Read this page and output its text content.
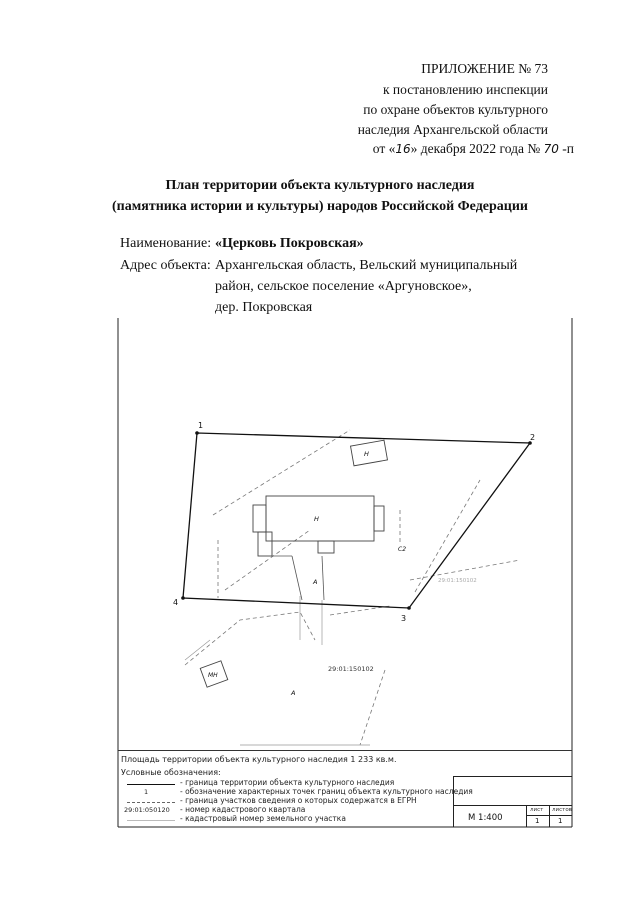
ПРИЛОЖЕНИЕ № 73
к постановлению инспекции
по охране объектов культурного
наследия Архангельской области
от «16» декабря 2022 года № 70 -п
План территории объекта культурного наследия
(памятника истории и культуры) народов Российской Федерации
Наименование: «Церковь Покровская»
Адрес объекта: Архангельская область, Вельский муниципальный
район, сельское поселение «Аргуновское»,
дер. Покровская
1
2
3
4
Н
Н
МН
А
А
С2
29:01:150102
29:01:150102
Площадь территории объекта культурного наследия 1 233 кв.м.
Условные обозначения:
- граница территории объекта культурного наследия
1	- обозначение характерных точек границ объекта культурного наследия
- граница участков сведения о которых содержатся в ЕГРН
29:01:050120 - номер кадастрового квартала
- кадастровый номер земельного участка	М 1:400
лист листов
1	1
